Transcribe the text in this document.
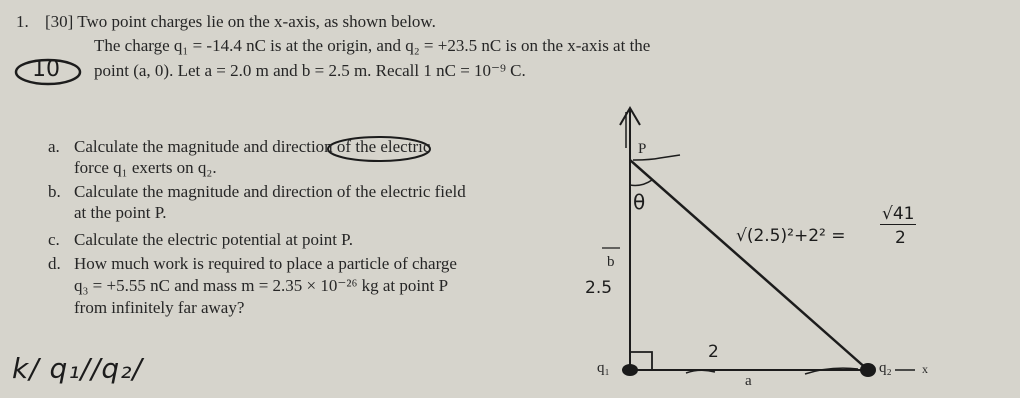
1. [30] Two point charges lie on the x-axis, as shown below.
The charge q₁ = -14.4 nC is at the origin, and q₂ = +23.5 nC is on the x-axis at the
point (a, 0). Let a = 2.0 m and b = 2.5 m. Recall 1 nC = 10⁻⁹ C.
a. Calculate the magnitude and direction of the electric
force q₁ exerts on q₂.
b. Calculate the magnitude and direction of the electric field
at the point P.
c. Calculate the electric potential at point P.
d. How much work is required to place a particle of charge
q₃ = +5.55 nC and mass m = 2.35 × 10⁻²⁶ kg at point P
from infinitely far away?
P
b
a
q₁	q₂	x
10
θ
2.5
2
√(2.5)²+2² =
√41
2
k/ q₁//q₂/
